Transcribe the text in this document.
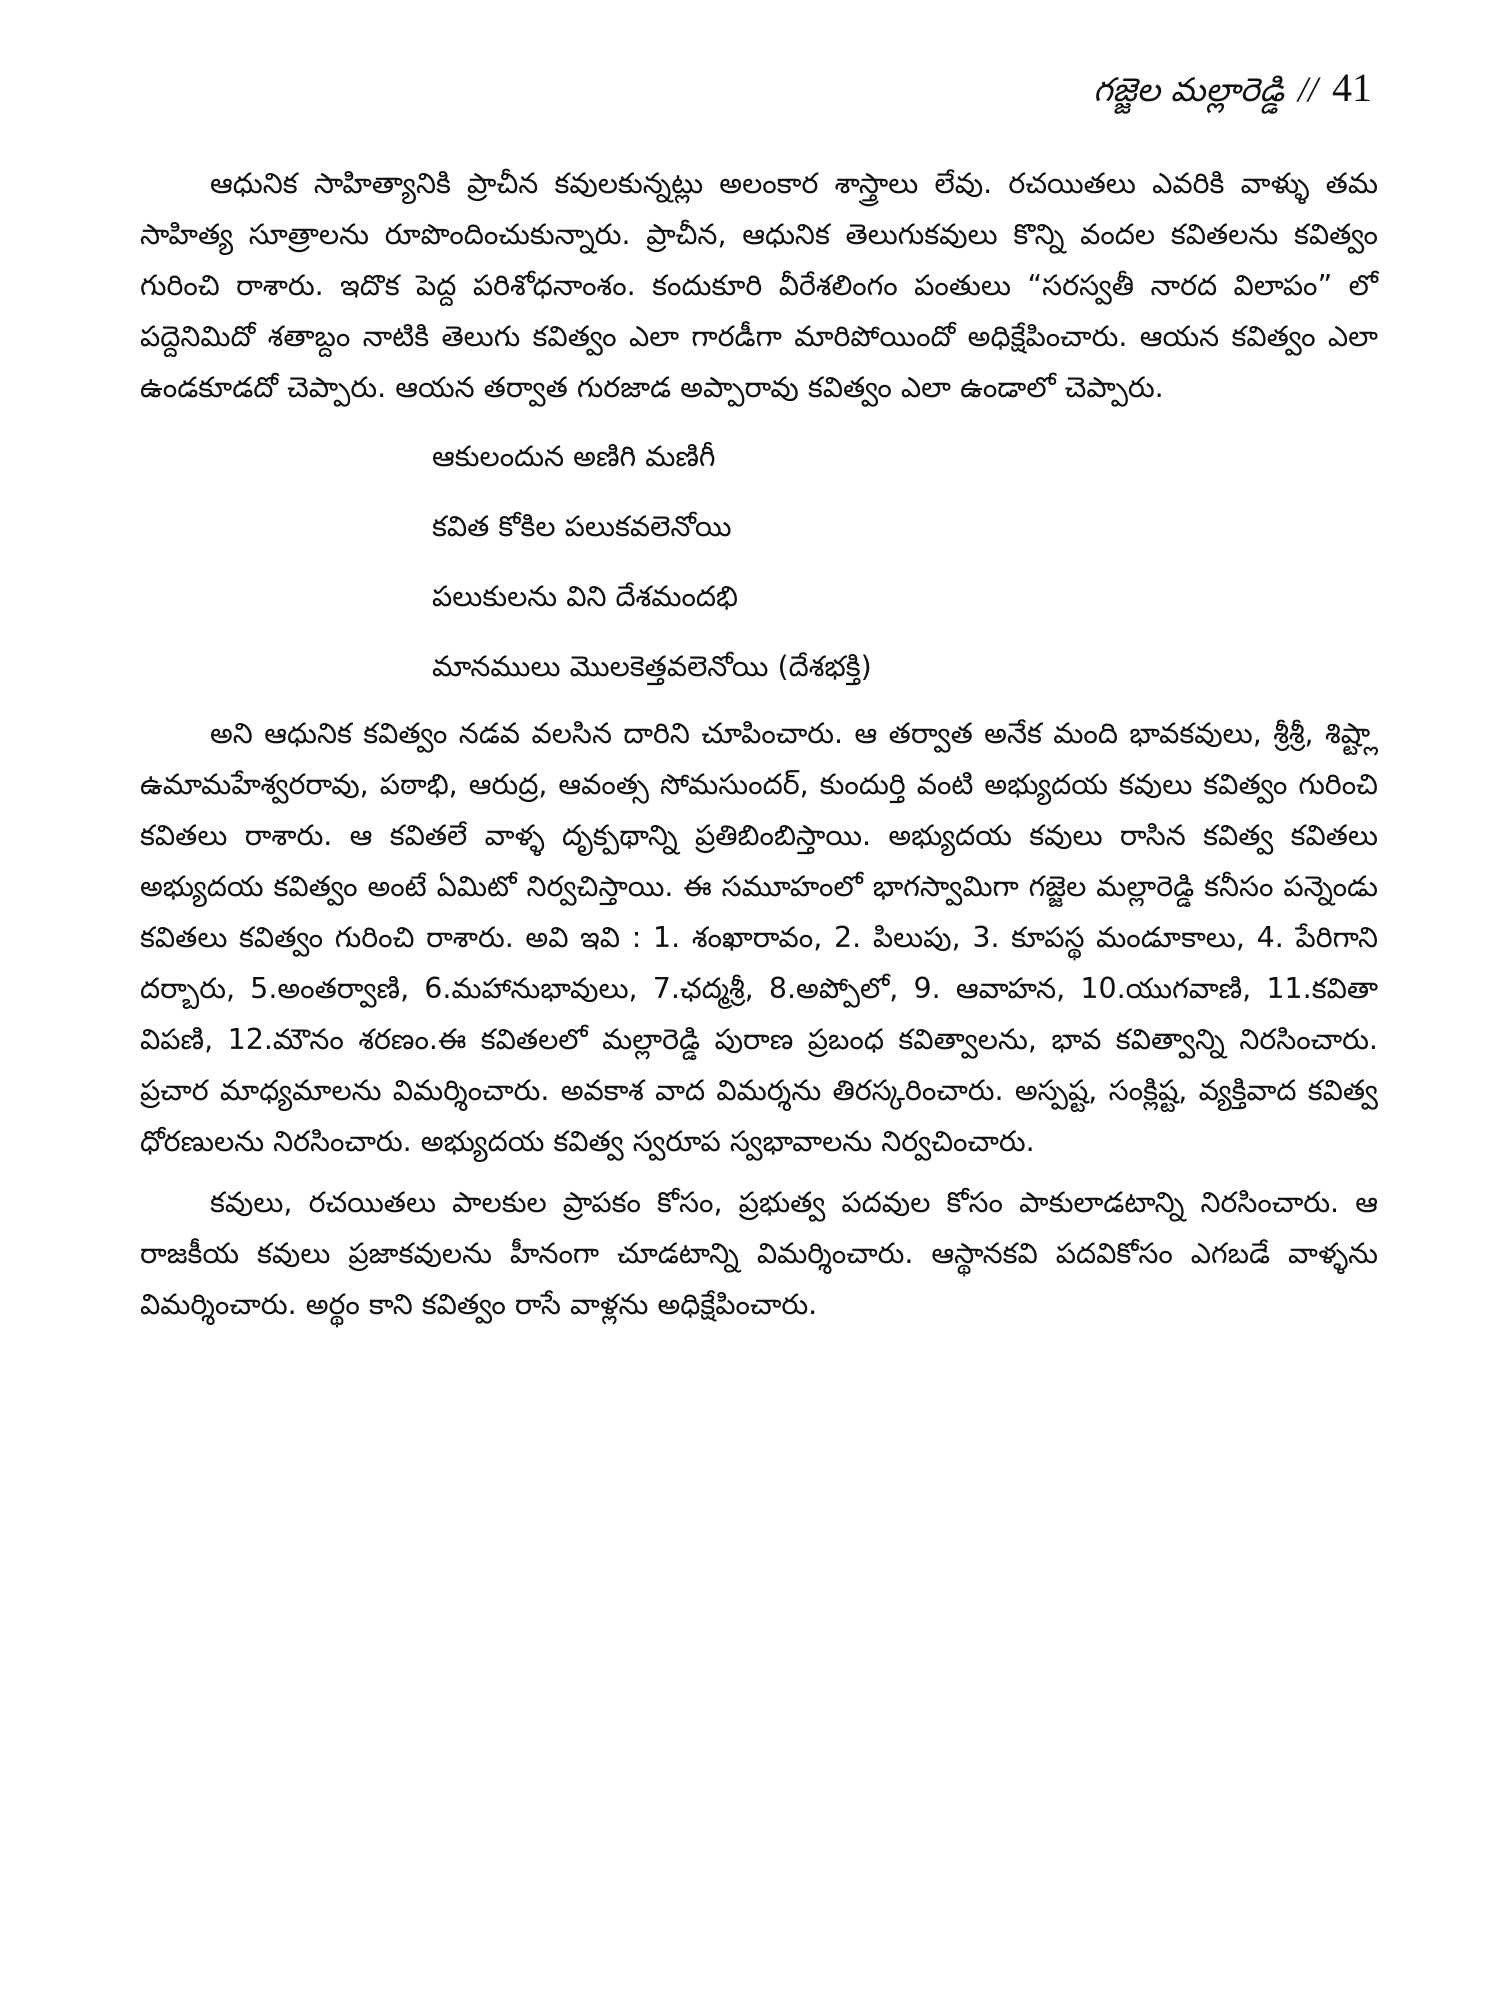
గజ్జెల మల్లారెడ్డి // 41

ఆధునిక సాహిత్యానికి ప్రాచీన కవులకున్నట్లు అలంకార శాస్త్రాలు లేవు. రచయితలు ఎవరికి వాళ్ళు తమ సాహిత్య సూత్రాలను రూపొందించుకున్నారు. ప్రాచీన, ఆధునిక తెలుగుకవులు కొన్ని వందల కవితలను కవిత్వం గురించి రాశారు. ఇదొక పెద్ద పరిశోధనాంశం. కందుకూరి వీరేశలింగం పంతులు “సరస్వతీ నారద విలాపం” లో పద్దెనిమిదో శతాబ్దం నాటికి తెలుగు కవిత్వం ఎలా గారడీగా మారిపోయిందో అధిక్షేపించారు. ఆయన కవిత్వం ఎలా ఉండకూడదో చెప్పారు. ఆయన తర్వాత గురజాడ అప్పారావు కవిత్వం ఎలా ఉండాలో చెప్పారు.

ఆకులందున అణిగి మణిగీ
కవిత కోకిల పలుకవలెనోయి
పలుకులను విని దేశమందభి
మానములు మొలకెత్తవలెనోయి (దేశభక్తి)

అని ఆధునిక కవిత్వం నడవ వలసిన దారిని చూపించారు. ఆ తర్వాత అనేక మంది భావకవులు, శ్రీశ్రీ, శిష్ట్లా ఉమామహేశ్వరరావు, పఠాభి, ఆరుద్ర, ఆవంత్స సోమసుందర్, కుందుర్తి వంటి అభ్యుదయ కవులు కవిత్వం గురించి కవితలు రాశారు. ఆ కవితలే వాళ్ళ దృక్పథాన్ని ప్రతిబింబిస్తాయి. అభ్యుదయ కవులు రాసిన కవిత్వ కవితలు అభ్యుదయ కవిత్వం అంటే ఏమిటో నిర్వచిస్తాయి. ఈ సమూహంలో భాగస్వామిగా గజ్జెల మల్లారెడ్డి కనీసం పన్నెండు కవితలు కవిత్వం గురించి రాశారు. అవి ఇవి : 1. శంఖారావం, 2. పిలుపు, 3. కూపస్థ మండూకాలు, 4. పేరిగాని దర్బారు, 5.అంతర్వాణి, 6.మహానుభావులు, 7.ఛద్మశ్రీ, 8.అప్పోలో, 9. ఆవాహన, 10.యుగవాణి, 11.కవితా విపణి, 12.మౌనం శరణం.ఈ కవితలలో మల్లారెడ్డి పురాణ ప్రబంధ కవిత్వాలను, భావ కవిత్వాన్ని నిరసించారు. ప్రచార మాధ్యమాలను విమర్శించారు. అవకాశ వాద విమర్శను తిరస్కరించారు. అస్పష్ట, సంక్లిష్ట, వ్యక్తివాద కవిత్వ ధోరణులను నిరసించారు. అభ్యుదయ కవిత్వ స్వరూప స్వభావాలను నిర్వచించారు.

కవులు, రచయితలు పాలకుల ప్రాపకం కోసం, ప్రభుత్వ పదవుల కోసం పాకులాడటాన్ని నిరసించారు. ఆ రాజకీయ కవులు ప్రజాకవులను హీనంగా చూడటాన్ని విమర్శించారు. ఆస్థానకవి పదవికోసం ఎగబడే వాళ్ళను విమర్శించారు. అర్థం కాని కవిత్వం రాసే వాళ్లను అధిక్షేపించారు.
